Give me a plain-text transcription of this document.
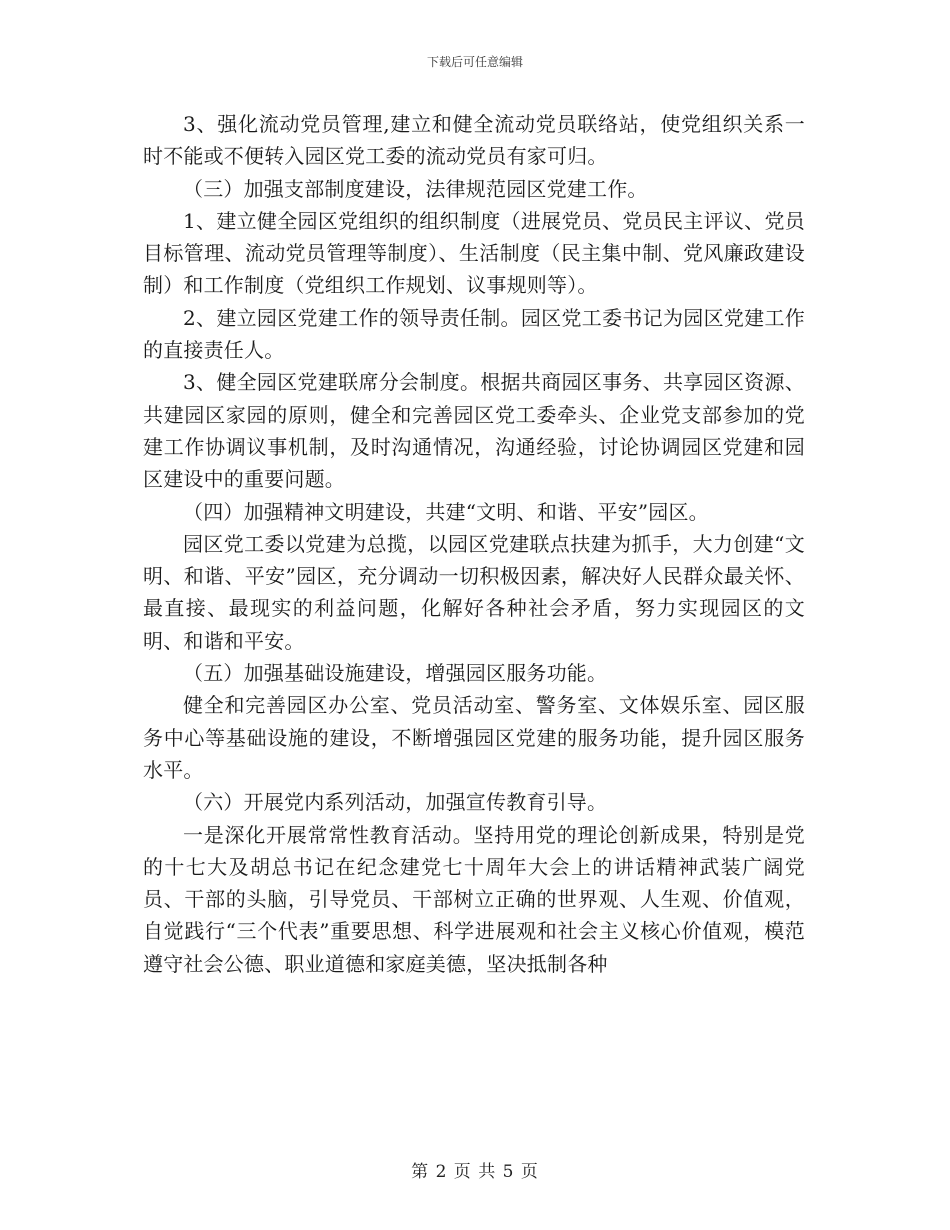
下载后可任意编辑

3、强化流动党员管理,建立和健全流动党员联络站，使党组织关系一时不能或不便转入园区党工委的流动党员有家可归。

（三）加强支部制度建设，法律规范园区党建工作。

1、建立健全园区党组织的组织制度（进展党员、党员民主评议、党员目标管理、流动党员管理等制度）、生活制度（民主集中制、党风廉政建设制）和工作制度（党组织工作规划、议事规则等）。

2、建立园区党建工作的领导责任制。园区党工委书记为园区党建工作的直接责任人。

3、健全园区党建联席分会制度。根据共商园区事务、共享园区资源、共建园区家园的原则，健全和完善园区党工委牵头、企业党支部参加的党建工作协调议事机制，及时沟通情况，沟通经验，讨论协调园区党建和园区建设中的重要问题。

（四）加强精神文明建设，共建“文明、和谐、平安”园区。

园区党工委以党建为总揽，以园区党建联点扶建为抓手，大力创建“文明、和谐、平安”园区，充分调动一切积极因素，解决好人民群众最关怀、最直接、最现实的利益问题，化解好各种社会矛盾，努力实现园区的文明、和谐和平安。

（五）加强基础设施建设，增强园区服务功能。

健全和完善园区办公室、党员活动室、警务室、文体娱乐室、园区服务中心等基础设施的建设，不断增强园区党建的服务功能，提升园区服务水平。

（六）开展党内系列活动，加强宣传教育引导。

一是深化开展常常性教育活动。坚持用党的理论创新成果，特别是党的十七大及胡总书记在纪念建党七十周年大会上的讲话精神武装广阔党员、干部的头脑，引导党员、干部树立正确的世界观、人生观、价值观，自觉践行“三个代表”重要思想、科学进展观和社会主义核心价值观，模范遵守社会公德、职业道德和家庭美德，坚决抵制各种

第 2 页 共 5 页
